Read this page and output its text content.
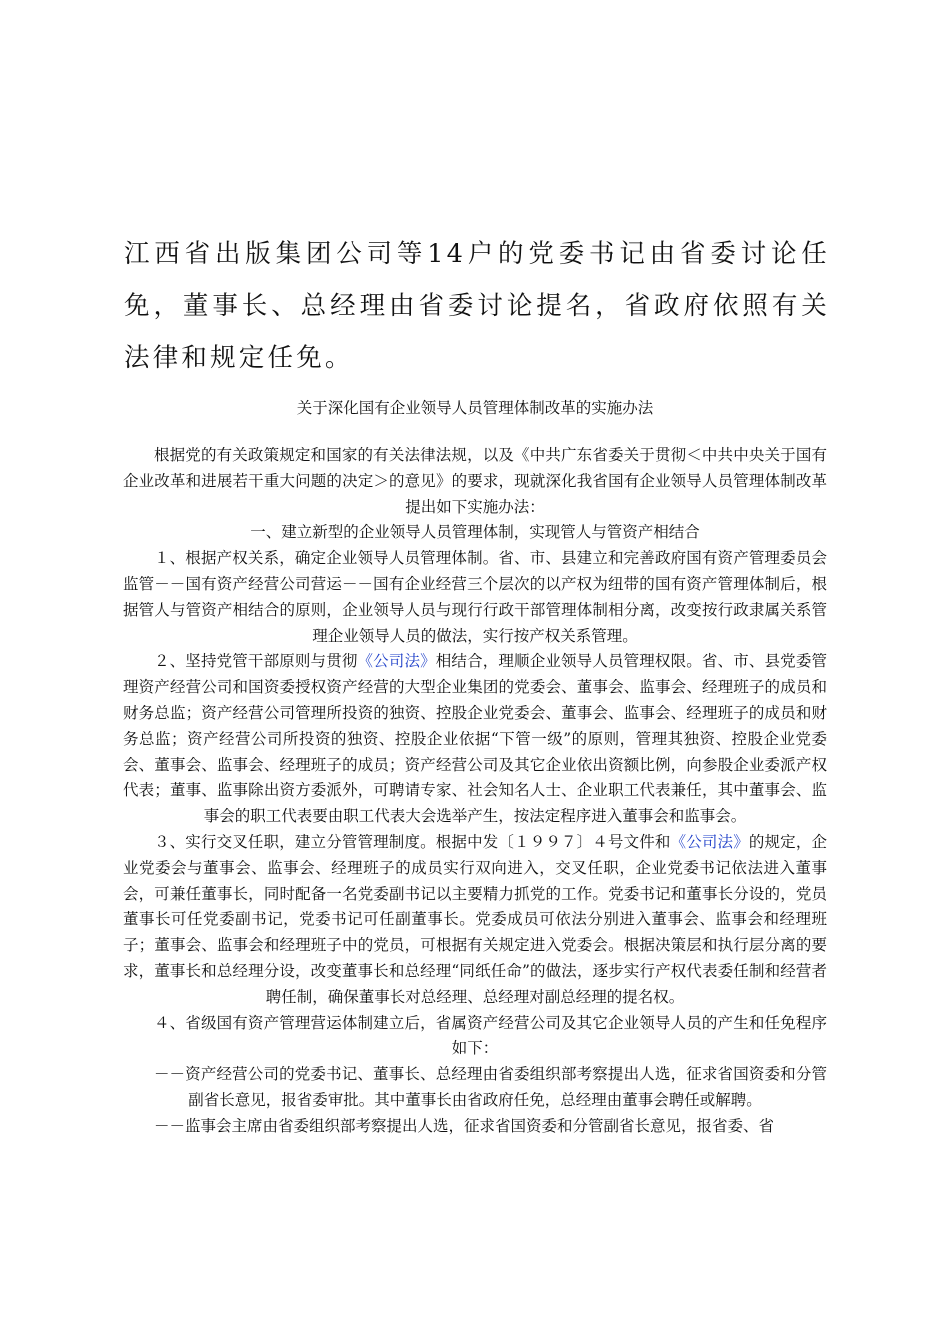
江西省出版集团公司等14户的党委书记由省委讨论任免，董事长、总经理由省委讨论提名，省政府依照有关法律和规定任免。

关于深化国有企业领导人员管理体制改革的实施办法

根据党的有关政策规定和国家的有关法律法规，以及《中共广东省委关于贯彻＜中共中央关于国有企业改革和进展若干重大问题的决定＞的意见》的要求，现就深化我省国有企业领导人员管理体制改革提出如下实施办法：

一、建立新型的企业领导人员管理体制，实现管人与管资产相结合

１、根据产权关系，确定企业领导人员管理体制。省、市、县建立和完善政府国有资产管理委员会监管－－国有资产经营公司营运－－国有企业经营三个层次的以产权为纽带的国有资产管理体制后，根据管人与管资产相结合的原则，企业领导人员与现行行政干部管理体制相分离，改变按行政隶属关系管理企业领导人员的做法，实行按产权关系管理。

２、坚持党管干部原则与贯彻《公司法》相结合，理顺企业领导人员管理权限。省、市、县党委管理资产经营公司和国资委授权资产经营的大型企业集团的党委会、董事会、监事会、经理班子的成员和财务总监；资产经营公司管理所投资的独资、控股企业党委会、董事会、监事会、经理班子的成员和财务总监；资产经营公司所投资的独资、控股企业依据“下管一级”的原则，管理其独资、控股企业党委会、董事会、监事会、经理班子的成员；资产经营公司及其它企业依出资额比例，向参股企业委派产权代表；董事、监事除出资方委派外，可聘请专家、社会知名人士、企业职工代表兼任，其中董事会、监事会的职工代表要由职工代表大会选举产生，按法定程序进入董事会和监事会。

３、实行交叉任职，建立分管管理制度。根据中发〔１９９７〕４号文件和《公司法》的规定，企业党委会与董事会、监事会、经理班子的成员实行双向进入，交叉任职，企业党委书记依法进入董事会，可兼任董事长，同时配备一名党委副书记以主要精力抓党的工作。党委书记和董事长分设的，党员董事长可任党委副书记，党委书记可任副董事长。党委成员可依法分别进入董事会、监事会和经理班子；董事会、监事会和经理班子中的党员，可根据有关规定进入党委会。根据决策层和执行层分离的要求，董事长和总经理分设，改变董事长和总经理“同纸任命”的做法，逐步实行产权代表委任制和经营者聘任制，确保董事长对总经理、总经理对副总经理的提名权。

４、省级国有资产管理营运体制建立后，省属资产经营公司及其它企业领导人员的产生和任免程序如下：

－－资产经营公司的党委书记、董事长、总经理由省委组织部考察提出人选，征求省国资委和分管副省长意见，报省委审批。其中董事长由省政府任免，总经理由董事会聘任或解聘。

－－监事会主席由省委组织部考察提出人选，征求省国资委和分管副省长意见，报省委、省
